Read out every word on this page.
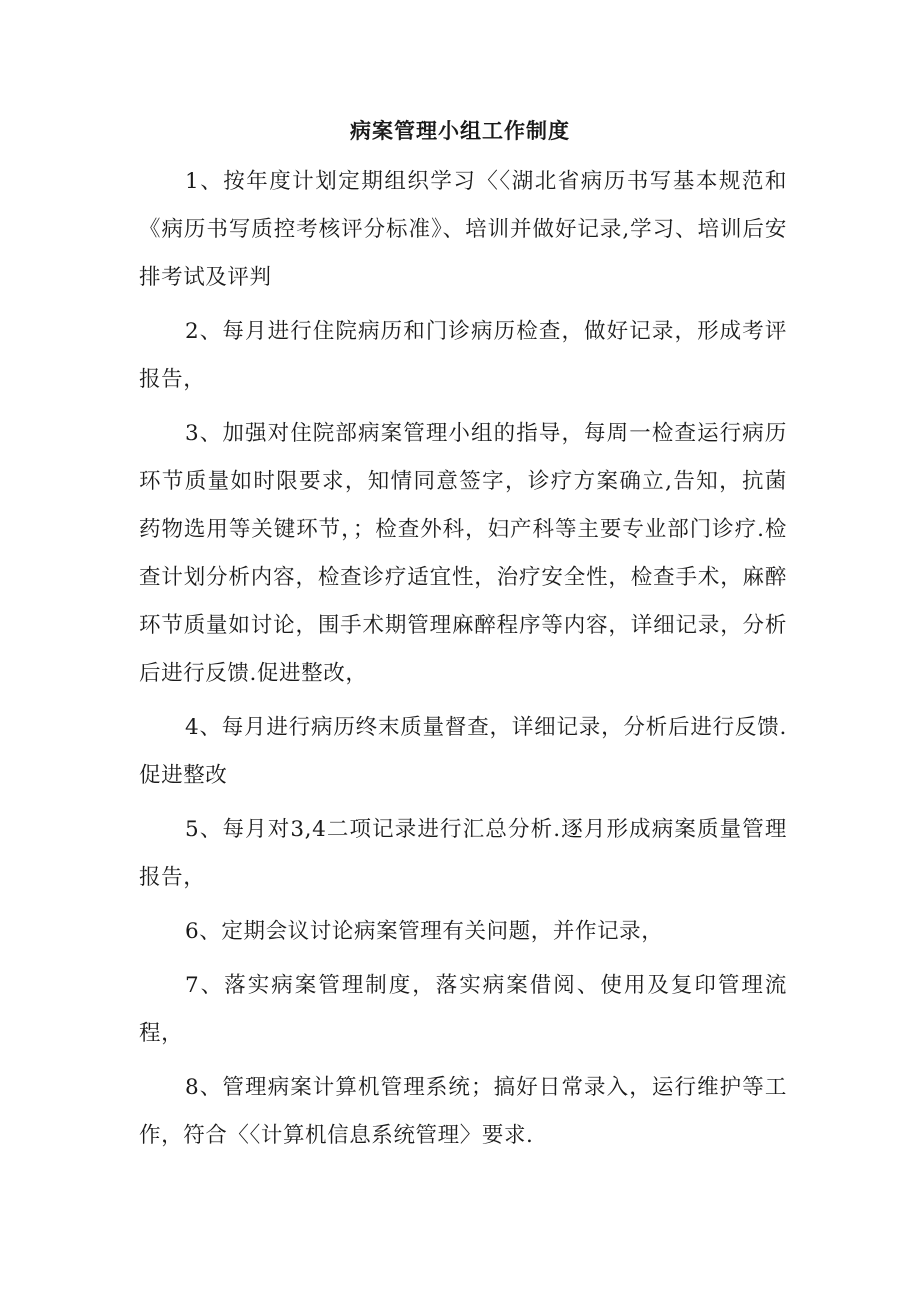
病案管理小组工作制度

1、按年度计划定期组织学习〈〈湖北省病历书写基本规范和《病历书写质控考核评分标准》、培训并做好记录,学习、培训后安排考试及评判

2、每月进行住院病历和门诊病历检查，做好记录，形成考评报告，

3、加强对住院部病案管理小组的指导，每周一检查运行病历环节质量如时限要求，知情同意签字，诊疗方案确立,告知，抗菌药物选用等关键环节，；检查外科，妇产科等主要专业部门诊疗.检查计划分析内容，检查诊疗适宜性，治疗安全性，检查手术，麻醉环节质量如讨论，围手术期管理麻醉程序等内容，详细记录，分析后进行反馈.促进整改，

4、每月进行病历终末质量督查，详细记录，分析后进行反馈.促进整改

5、每月对3,4二项记录进行汇总分析.逐月形成病案质量管理报告，

6、定期会议讨论病案管理有关问题，并作记录，

7、落实病案管理制度，落实病案借阅、使用及复印管理流程，

8、管理病案计算机管理系统；搞好日常录入，运行维护等工作，符合〈〈计算机信息系统管理〉要求.
